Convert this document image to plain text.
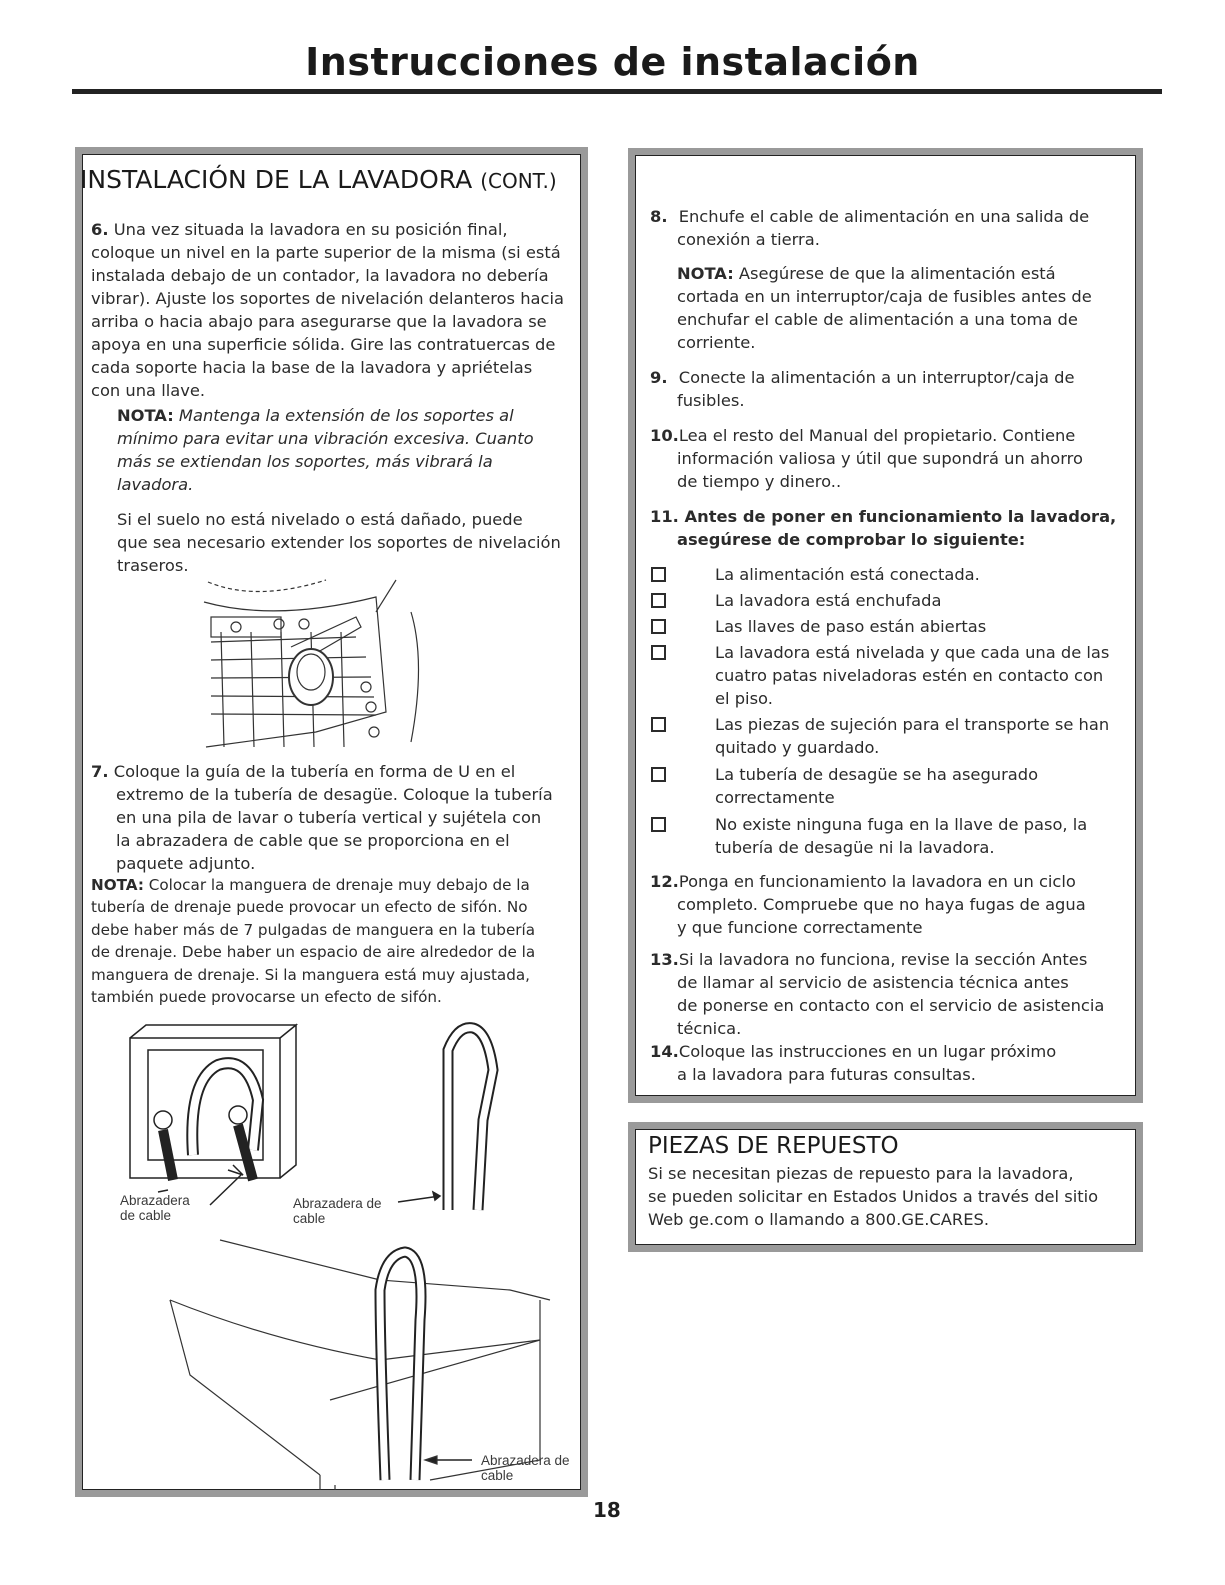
Instrucciones de instalación
INSTALACIÓN DE LA LAVADORA (CONT.)
6. Una vez situada la lavadora en su posición final,
coloque un nivel en la parte superior de la misma (si está
instalada debajo de un contador, la lavadora no debería
vibrar). Ajuste los soportes de nivelación delanteros hacia
arriba o hacia abajo para asegurarse que la lavadora se
apoya en una superficie sólida. Gire las contratuercas de
cada soporte hacia la base de la lavadora y apriételas
con una llave.
NOTA: Mantenga la extensión de los soportes al
mínimo para evitar una vibración excesiva. Cuanto
más se extiendan los soportes, más vibrará la
lavadora.
Si el suelo no está nivelado o está dañado, puede
que sea necesario extender los soportes de nivelación
traseros.
7. Coloque la guía de la tubería en forma de U en el
extremo de la tubería de desagüe. Coloque la tubería
en una pila de lavar o tubería vertical y sujétela con
la abrazadera de cable que se proporciona en el
paquete adjunto.
NOTA: Colocar la manguera de drenaje muy debajo de la
tubería de drenaje puede provocar un efecto de sifón. No
debe haber más de 7 pulgadas de manguera en la tubería
de drenaje. Debe haber un espacio de aire alrededor de la
manguera de drenaje. Si la manguera está muy ajustada,
también puede provocarse un efecto de sifón.
Abrazadera
de cable
Abrazadera de
cable
Abrazadera de
cable
8. Enchufe el cable de alimentación en una salida de
conexión a tierra.
NOTA: Asegúrese de que la alimentación está
cortada en un interruptor/caja de fusibles antes de
enchufar el cable de alimentación a una toma de
corriente.
9. Conecte la alimentación a un interruptor/caja de
fusibles.
10.Lea el resto del Manual del propietario. Contiene
información valiosa y útil que supondrá un ahorro
de tiempo y dinero..
11. Antes de poner en funcionamiento la lavadora,
asegúrese de comprobar lo siguiente:
La alimentación está conectada.
La lavadora está enchufada
Las llaves de paso están abiertas
La lavadora está nivelada y que cada una de las
cuatro patas niveladoras estén en contacto con
el piso.
Las piezas de sujeción para el transporte se han
quitado y guardado.
La tubería de desagüe se ha asegurado
correctamente
No existe ninguna fuga en la llave de paso, la
tubería de desagüe ni la lavadora.
12.Ponga en funcionamiento la lavadora en un ciclo
completo. Compruebe que no haya fugas de agua
y que funcione correctamente
13.Si la lavadora no funciona, revise la sección Antes
de llamar al servicio de asistencia técnica antes
de ponerse en contacto con el servicio de asistencia
técnica.
14.Coloque las instrucciones en un lugar próximo
a la lavadora para futuras consultas.
PIEZAS DE REPUESTO
Si se necesitan piezas de repuesto para la lavadora,
se pueden solicitar en Estados Unidos a través del sitio
Web ge.com o llamando a 800.GE.CARES.
18
